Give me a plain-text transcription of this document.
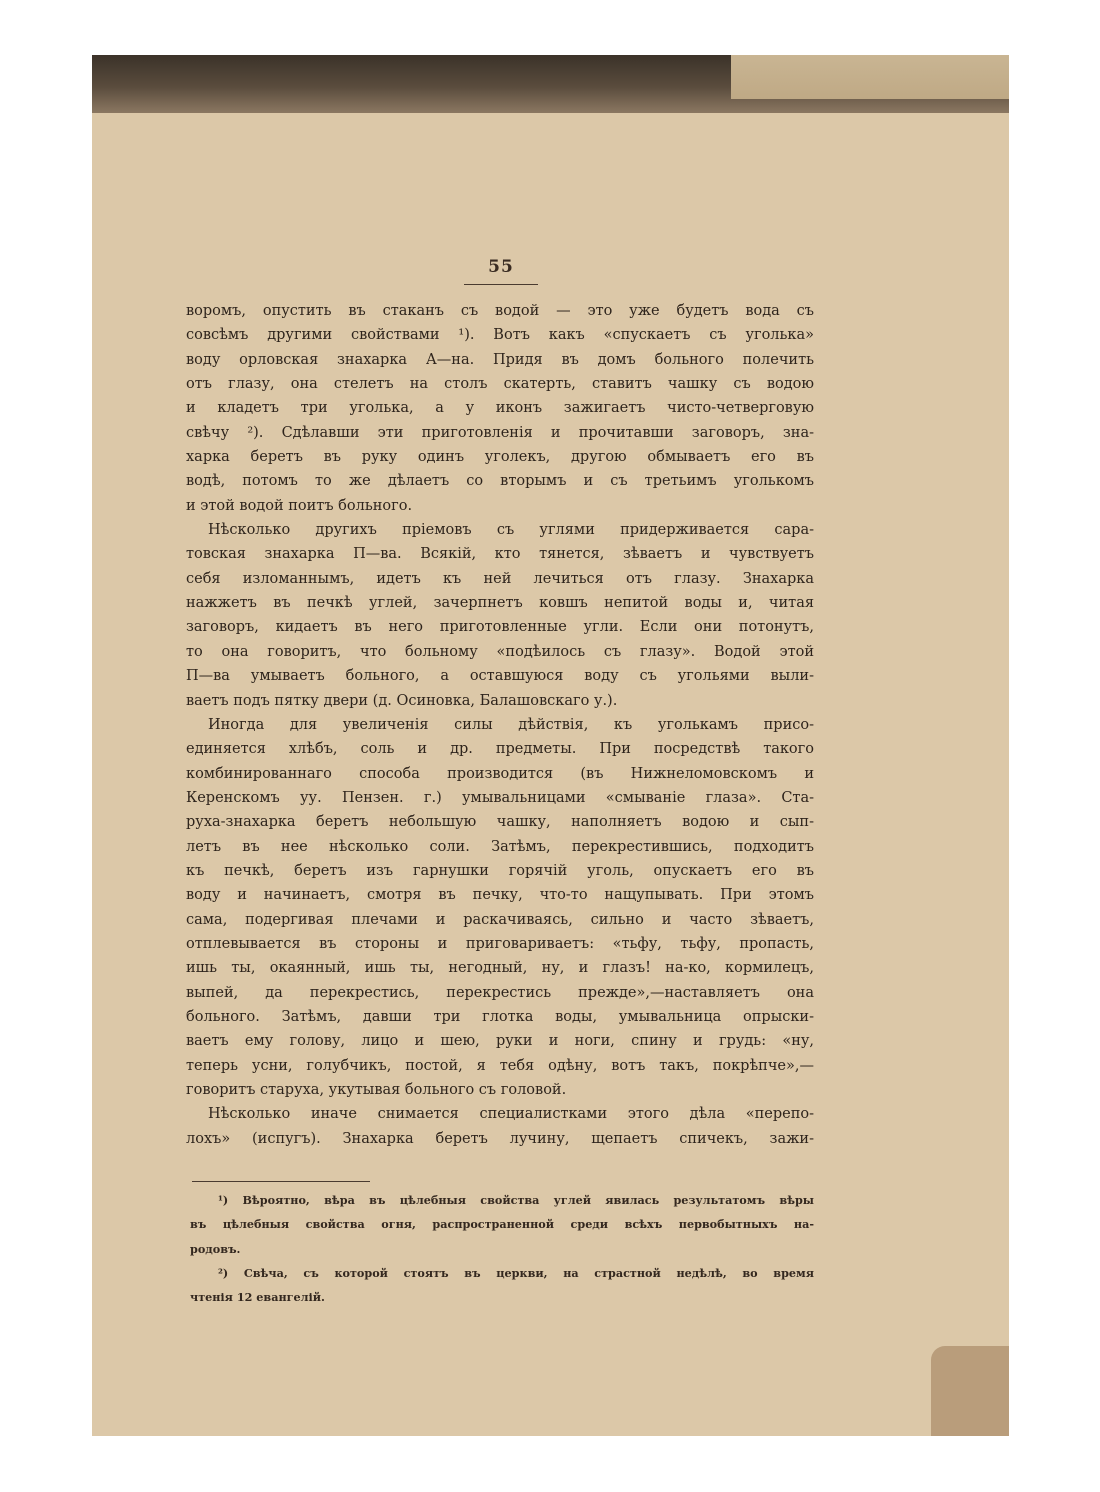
55
воромъ, опустить въ стаканъ съ водой — это уже будетъ вода съ
совсѣмъ другими свойствами ¹). Вотъ какъ «спускаетъ съ уголька»
воду орловская знахарка А—на. Придя въ домъ больного полечить
отъ глазу, она стелетъ на столъ скатерть, ставитъ чашку съ водою
и кладетъ три уголька, а у иконъ зажигаетъ чисто-четверговую
свѣчу ²). Сдѣлавши эти приготовленія и прочитавши заговоръ, зна-
харка беретъ въ руку одинъ уголекъ, другою обмываетъ его въ
водѣ, потомъ то же дѣлаетъ со вторымъ и съ третьимъ уголькомъ
и этой водой поитъ больного.
Нѣсколько другихъ пріемовъ съ углями придерживается сара-
товская знахарка П—ва. Всякій, кто тянется, зѣваетъ и чувствуетъ
себя изломаннымъ, идетъ къ ней лечиться отъ глазу. Знахарка
нажжетъ въ печкѣ углей, зачерпнетъ ковшъ непитой воды и, читая
заговоръ, кидаетъ въ него приготовленные угли. Если они потонутъ,
то она говоритъ, что больному «подѣилось съ глазу». Водой этой
П—ва умываетъ больного, а оставшуюся воду съ угольями выли-
ваетъ подъ пятку двери (д. Осиновка, Балашовскаго у.).
Иногда для увеличенія силы дѣйствія, къ уголькамъ присо-
единяется хлѣбъ, соль и др. предметы. При посредствѣ такого
комбинированнаго способа производится (въ Нижнеломовскомъ и
Керенскомъ уу. Пензен. г.) умывальницами «смываніе глаза». Ста-
руха-знахарка беретъ небольшую чашку, наполняетъ водою и сып-
летъ въ нее нѣсколько соли. Затѣмъ, перекрестившись, подходитъ
къ печкѣ, беретъ изъ гарнушки горячій уголь, опускаетъ его въ
воду и начинаетъ, смотря въ печку, что-то нащупывать. При этомъ
сама, подергивая плечами и раскачиваясь, сильно и часто зѣваетъ,
отплевывается въ стороны и приговариваетъ: «тьфу, тьфу, пропасть,
ишь ты, окаянный, ишь ты, негодный, ну, и глазъ! на-ко, кормилецъ,
выпей, да перекрестись, перекрестись прежде»,—наставляетъ она
больного. Затѣмъ, давши три глотка воды, умывальница опрыски-
ваетъ ему голову, лицо и шею, руки и ноги, спину и грудь: «ну,
теперь усни, голубчикъ, постой, я тебя одѣну, вотъ такъ, покрѣпче»,—
говоритъ старуха, укутывая больного съ головой.
Нѣсколько иначе снимается специалистками этого дѣла «перепо-
лохъ» (испугъ). Знахарка беретъ лучину, щепаетъ спичекъ, зажи-
¹) Вѣроятно, вѣра въ цѣлебныя свойства углей явилась результатомъ вѣры
въ цѣлебныя свойства огня, распространенной среди всѣхъ первобытныхъ на-
родовъ.
²) Свѣча, съ которой стоятъ въ церкви, на страстной недѣлѣ, во время
чтенія 12 евангелій.
